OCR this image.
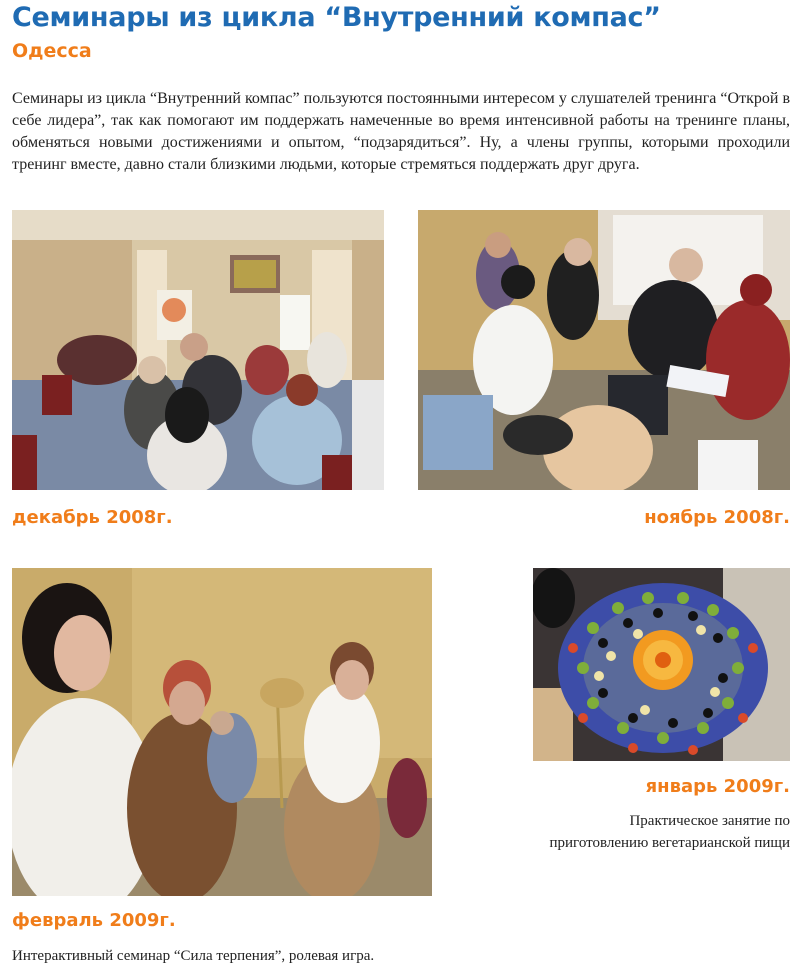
Семинары из цикла “Внутренний компас”
Одесса

Семинары из цикла “Внутренний компас” пользуются постоянными интересом у слушателей тренинга “Открой в себе лидера”, так как помогают им поддержать намеченные во время интенсивной работы на тренинге планы, обменяться новыми достижениями и опытом, “подзарядиться”. Ну, а члены группы, которыми проходили тренинг вместе, давно стали близкими людьми, которые стремяться поддержать друг друга.

декабрь 2008г.	ноябрь 2008г.

январь 2009г.

Практическое занятие по

приготовлению вегетарианской пищи

февраль 2009г.

Интерактивный семинар “Сила терпения”, ролевая игра.
